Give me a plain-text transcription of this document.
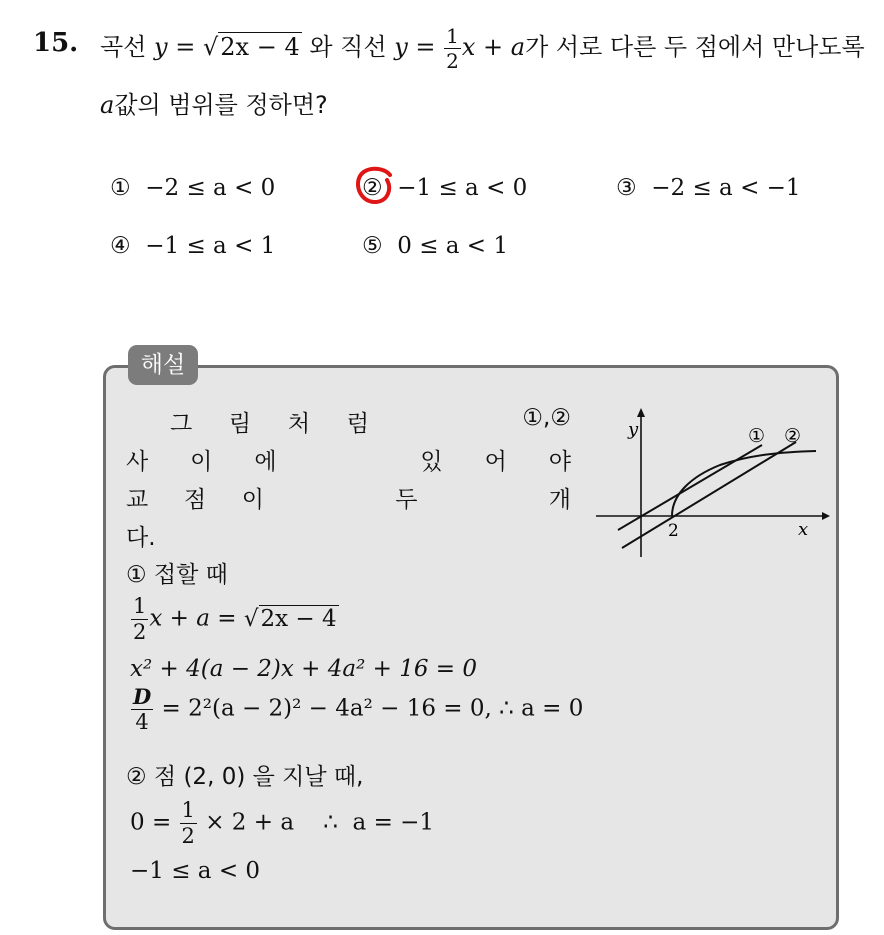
15. 곡선 y = √2x − 4 와 직선 $y = \frac{1}{2}$ x + a가 서로 다른 두 점에서 만나도록
a값의 범위를 정하면?
① −2 ≤ a < 0	② −1 ≤ a < 0	③ −2 ≤ a < −1
④ −1 ≤ a < 1	⑤ 0 ≤ a < 1
해설
그 림 처 럼	①,②
사 이 에	있 어 야
교 점 이	두	개
다.
① 접할 때
$\frac{1}{2}$ x + a = √2x − 4
x² + 4(a − 2)x + 4a² + 16 = 0
$\frac{D}{4} = 2^2(a - 2)^2 - 4a^2 - 16 = 0$, ∴ a = 0
② 점 (2, 0) 을 지날 때,
$0 = \frac{1}{2} \times 2 + a$    ∴  a = −1
−1 ≤ a < 0
y
x
2
① ②
